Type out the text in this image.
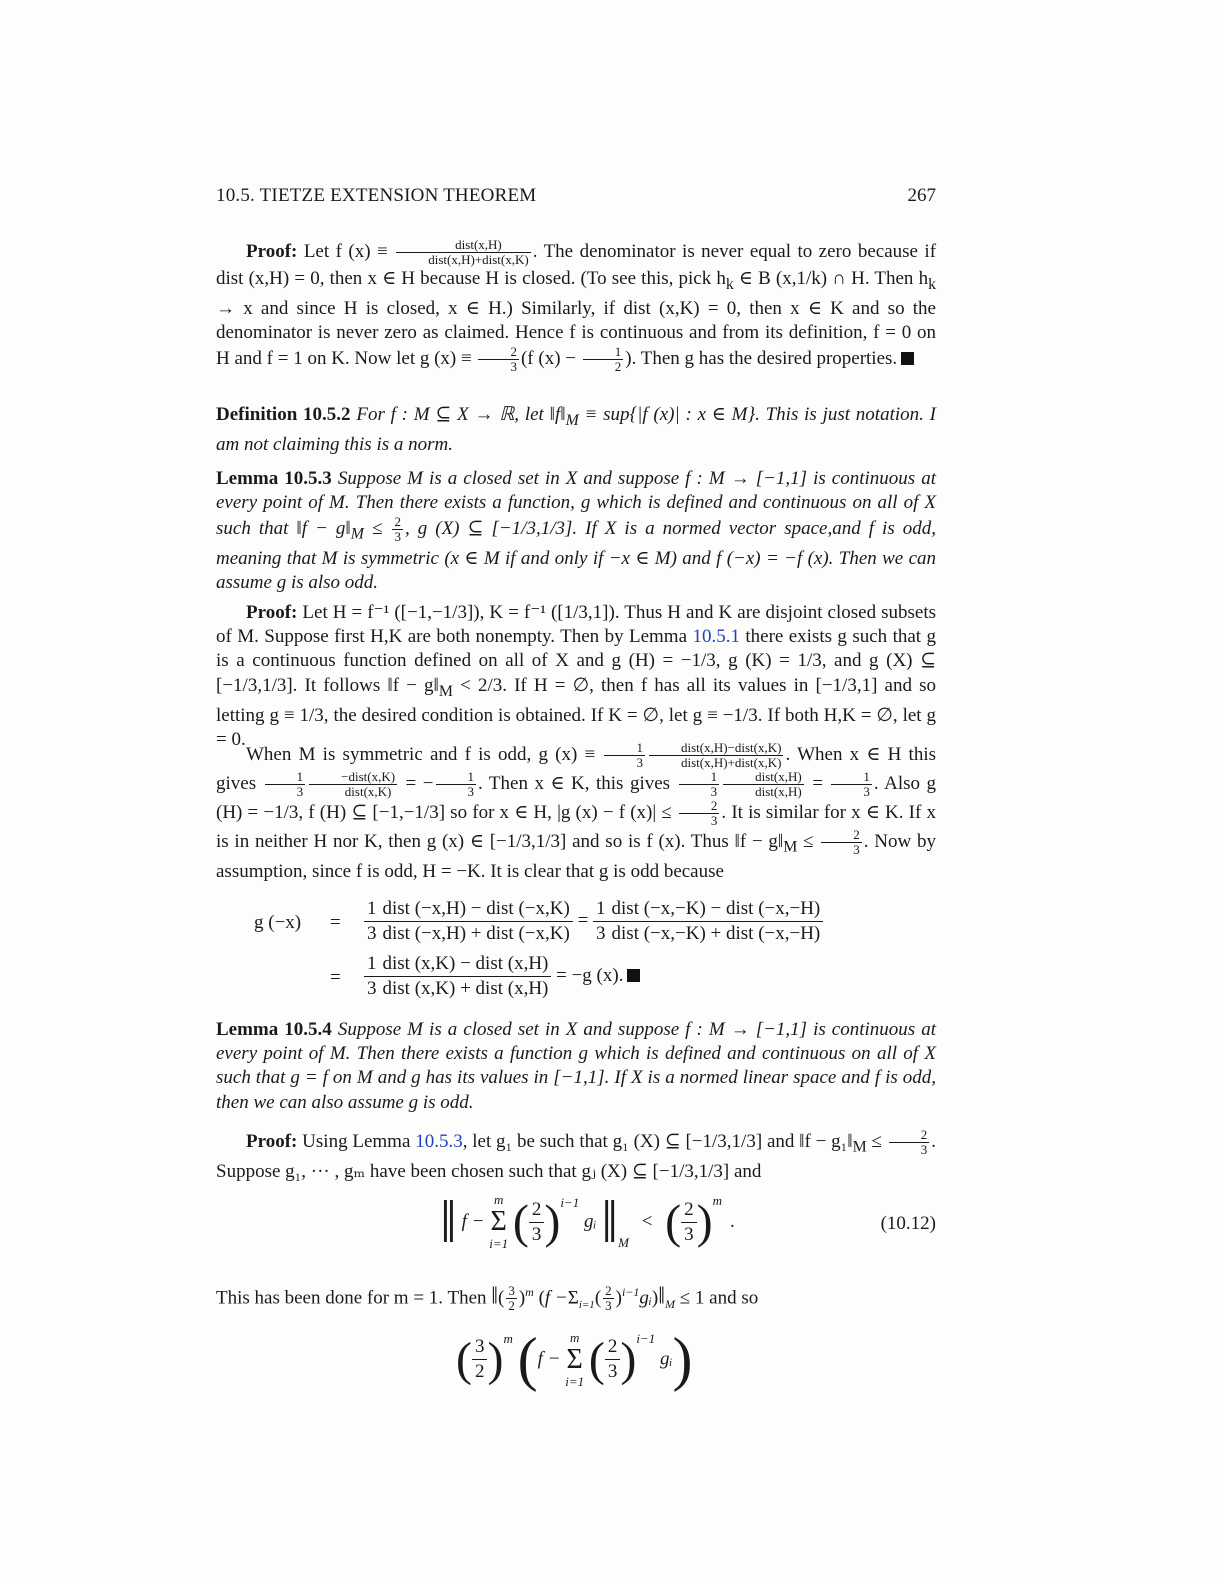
10.5. TIETZE EXTENSION THEOREM	267
Proof: Let f $(x) \equiv \frac{\text{dist(x,H)}}{\text{dist(x,H)+dist(x,K)}}$ . The denominator is never equal to zero because if dist (x,H) = 0, then x ∈ H because H is closed. (To see this, pick $h_k$ ∈ B (x,1/k) ∩ H. Then $h_k \to x$ and since H is closed, x ∈ H.) Similarly, if dist (x,K) = 0, then x ∈ K and so the denominator is never zero as claimed. Hence f is continuous and from its definition, f = 0 on H and f = 1 on K. Now let g $(x) \equiv \frac{2}{3} (f$ $(x) - \frac{1}{2}$ ). Then g has the desired properties.
Definition 10.5.2 For f : M ⊆ X → ℝ, let $‖f‖_M \equiv sup\{|f$ (x)| : x ∈ M}. This is just notation. I am not claiming this is a norm.
Lemma 10.5.3 Suppose M is a closed set in X and suppose f : M → [−1,1] is continuous at every point of M. Then there exists a function, g which is defined and continuous on all of X such that ‖f − $g‖_M \le \frac{2}{3}$ , g (X) ⊆ [−1/3,1/3]. If X is a normed vector space,and f is odd, meaning that M is symmetric (x ∈ M if and only if −x ∈ M) and f (−x) = −f (x). Then we can assume g is also odd.
Proof: Let H = f⁻¹ ([−1,−1/3]), K = f⁻¹ ([1/3,1]). Thus H and K are disjoint closed subsets of M. Suppose first H,K are both nonempty. Then by Lemma 10.5.1 there exists g such that g is a continuous function defined on all of X and g (H) = −1/3, g (K) = 1/3, and g (X) ⊆ [−1/3,1/3]. It follows ‖f − $g‖_M < 2/3$. If H = ∅, then f has all its values in [−1/3,1] and so letting g ≡ 1/3, the desired condition is obtained. If K = ∅, let g ≡ −1/3. If both H,K = ∅, let g = 0.
When M is symmetric and f is odd, g $(x) \equiv \frac{1}{3} \frac{\text{dist(x,H)−dist(x,K)}}{\text{dist(x,H)+dist(x,K)}}$ . When x ∈ H this gives $\frac{1}{3} \frac{\text{−dist(x,K)}}{\text{dist(x,K)}}$ = − $\frac{1}{3}$ . Then x ∈ K, this gives $\frac{1}{3} \frac{\text{dist(x,H)}}{\text{dist(x,H)}} = \frac{1}{3}$ . Also g (H) = −1/3, f (H) ⊆ [−1,−1/3] so for x ∈ H, |g (x) − f $(x)| \le \frac{2}{3}$ . It is similar for x ∈ K. If x is in neither H nor K, then g (x) ∈ [−1/3,1/3] and so is f (x). Thus ‖f − $g‖_M \le \frac{2}{3}$ . Now by assumption, since f is odd, H = −K. It is clear that g is odd because
g $(-x) = \frac{1}{3}$ dist (−x,H) − dist (−x,K)
dist (−x,H) + dist (−x,K)
= $\frac{1}{3}$ dist (−x,−K) − dist (−x,−H)
dist (−x,−K) + dist (−x,−H)
= $\frac{1}{3}$ dist (x,K) − dist (x,H)
dist (x,K) + dist (x,H)
= −g (x).
Lemma 10.5.4 Suppose M is a closed set in X and suppose f : M → [−1,1] is continuous at every point of M. Then there exists a function g which is defined and continuous on all of X such that g = f on M and g has its values in [−1,1]. If X is a normed linear space and f is odd, then we can also assume g is odd.
Proof: Using Lemma 10.5.3, let g₁ be such that g₁ (X) ⊆ [−1/3,1/3] and ‖f − $g_1‖_M \le \frac{2}{3}$ . Suppose g₁, ··· , gₘ have been chosen such that gⱼ (X) ⊆ [−1/3,1/3] and
‖ f −
m
Σ
i=1 ( $\frac{2}{3} )^{i-1}$ gᵢ $‖_M$ < ( $\frac{2}{3} )^m$.	(10.12)
This has been done for m = 1. Then ‖( $\frac{3}{2} )^m$ ($f -\Sigma_{i=1}( \frac{2}{3}$ )$^{i-1}gᵢ)‖_M \le 1$ and so
( $\frac{3}{2} )^m$ (f −
m
Σ
i=1 ( $\frac{2}{3} )^{i-1}$ gᵢ)
